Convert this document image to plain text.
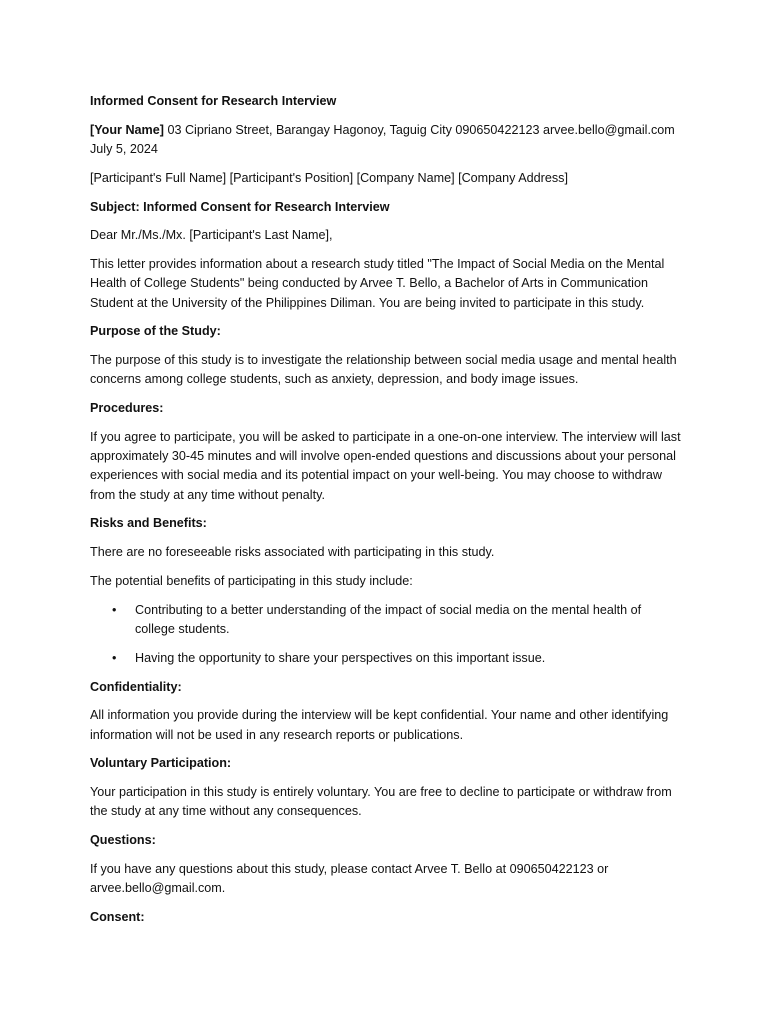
Informed Consent for Research Interview

[Your Name] 03 Cipriano Street, Barangay Hagonoy, Taguig City 090650422123 arvee.bello@gmail.com
July 5, 2024

[Participant's Full Name] [Participant's Position] [Company Name] [Company Address]

Subject: Informed Consent for Research Interview

Dear Mr./Ms./Mx. [Participant's Last Name],

This letter provides information about a research study titled "The Impact of Social Media on the Mental Health of College Students" being conducted by Arvee T. Bello, a Bachelor of Arts in Communication Student at the University of the Philippines Diliman. You are being invited to participate in this study.

Purpose of the Study:

The purpose of this study is to investigate the relationship between social media usage and mental health concerns among college students, such as anxiety, depression, and body image issues.

Procedures:

If you agree to participate, you will be asked to participate in a one-on-one interview. The interview will last approximately 30-45 minutes and will involve open-ended questions and discussions about your personal experiences with social media and its potential impact on your well-being. You may choose to withdraw from the study at any time without penalty.

Risks and Benefits:

There are no foreseeable risks associated with participating in this study.

The potential benefits of participating in this study include:

• Contributing to a better understanding of the impact of social media on the mental health of college students.
• Having the opportunity to share your perspectives on this important issue.

Confidentiality:

All information you provide during the interview will be kept confidential. Your name and other identifying information will not be used in any research reports or publications.

Voluntary Participation:

Your participation in this study is entirely voluntary. You are free to decline to participate or withdraw from the study at any time without any consequences.

Questions:

If you have any questions about this study, please contact Arvee T. Bello at 090650422123 or arvee.bello@gmail.com.

Consent:
